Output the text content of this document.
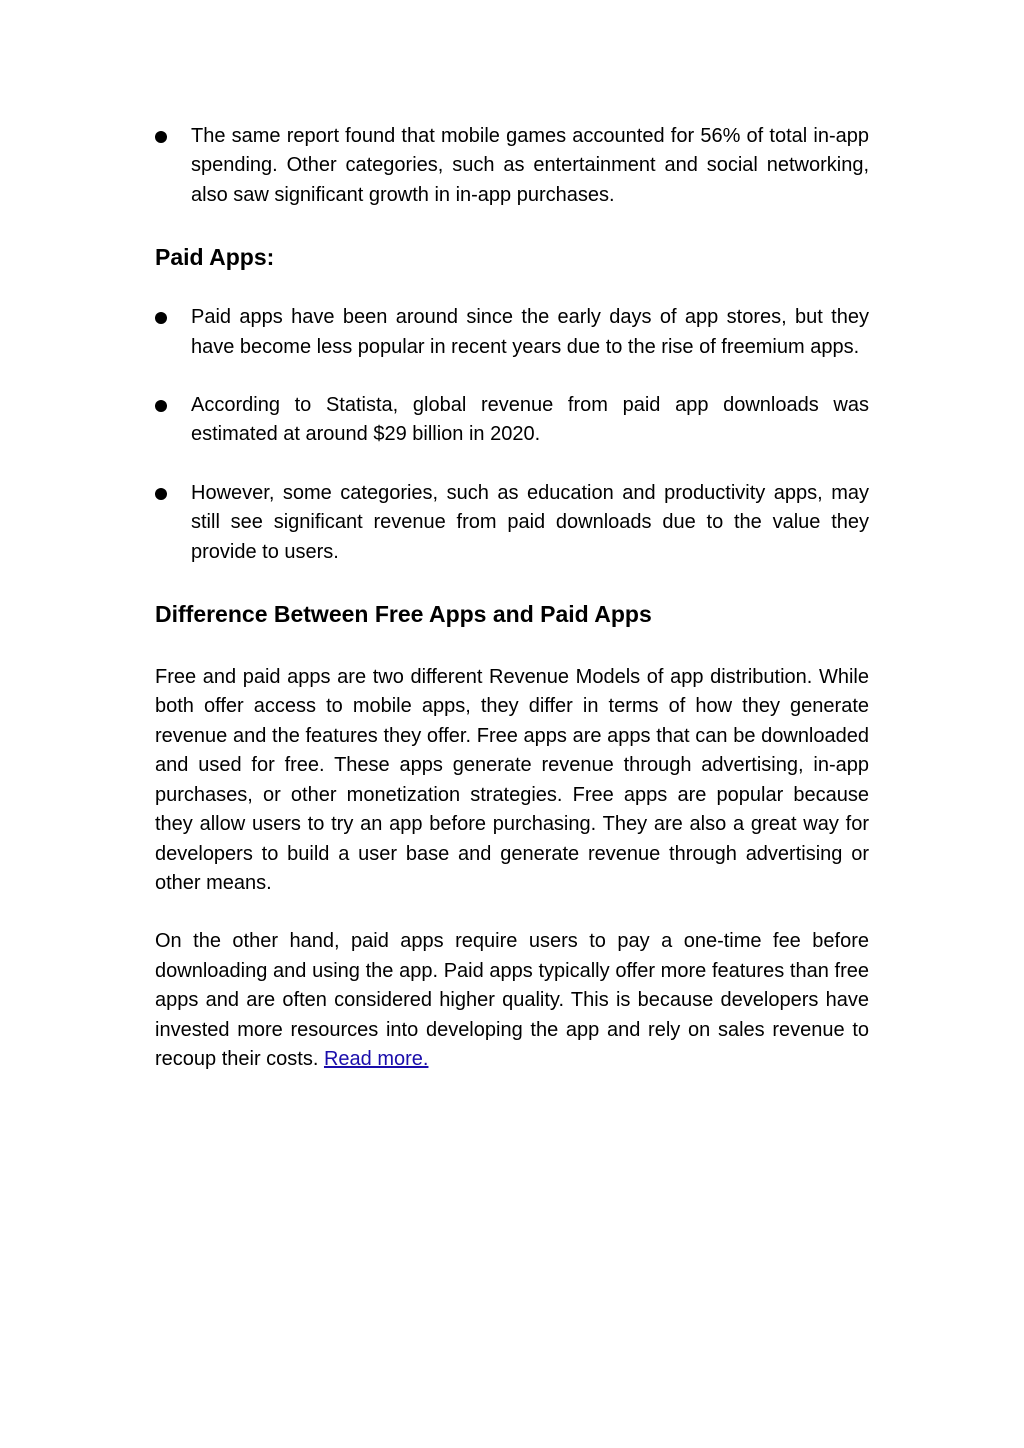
The same report found that mobile games accounted for 56% of total in-app spending. Other categories, such as entertainment and social networking, also saw significant growth in in-app purchases.
Paid Apps:
Paid apps have been around since the early days of app stores, but they have become less popular in recent years due to the rise of freemium apps.
According to Statista, global revenue from paid app downloads was estimated at around $29 billion in 2020.
However, some categories, such as education and productivity apps, may still see significant revenue from paid downloads due to the value they provide to users.
Difference Between Free Apps and Paid Apps

Free and paid apps are two different Revenue Models of app distribution. While both offer access to mobile apps, they differ in terms of how they generate revenue and the features they offer. Free apps are apps that can be downloaded and used for free. These apps generate revenue through advertising, in-app purchases, or other monetization strategies. Free apps are popular because they allow users to try an app before purchasing. They are also a great way for developers to build a user base and generate revenue through advertising or other means.

On the other hand, paid apps require users to pay a one-time fee before downloading and using the app. Paid apps typically offer more features than free apps and are often considered higher quality. This is because developers have invested more resources into developing the app and rely on sales revenue to recoup their costs. Read more.
